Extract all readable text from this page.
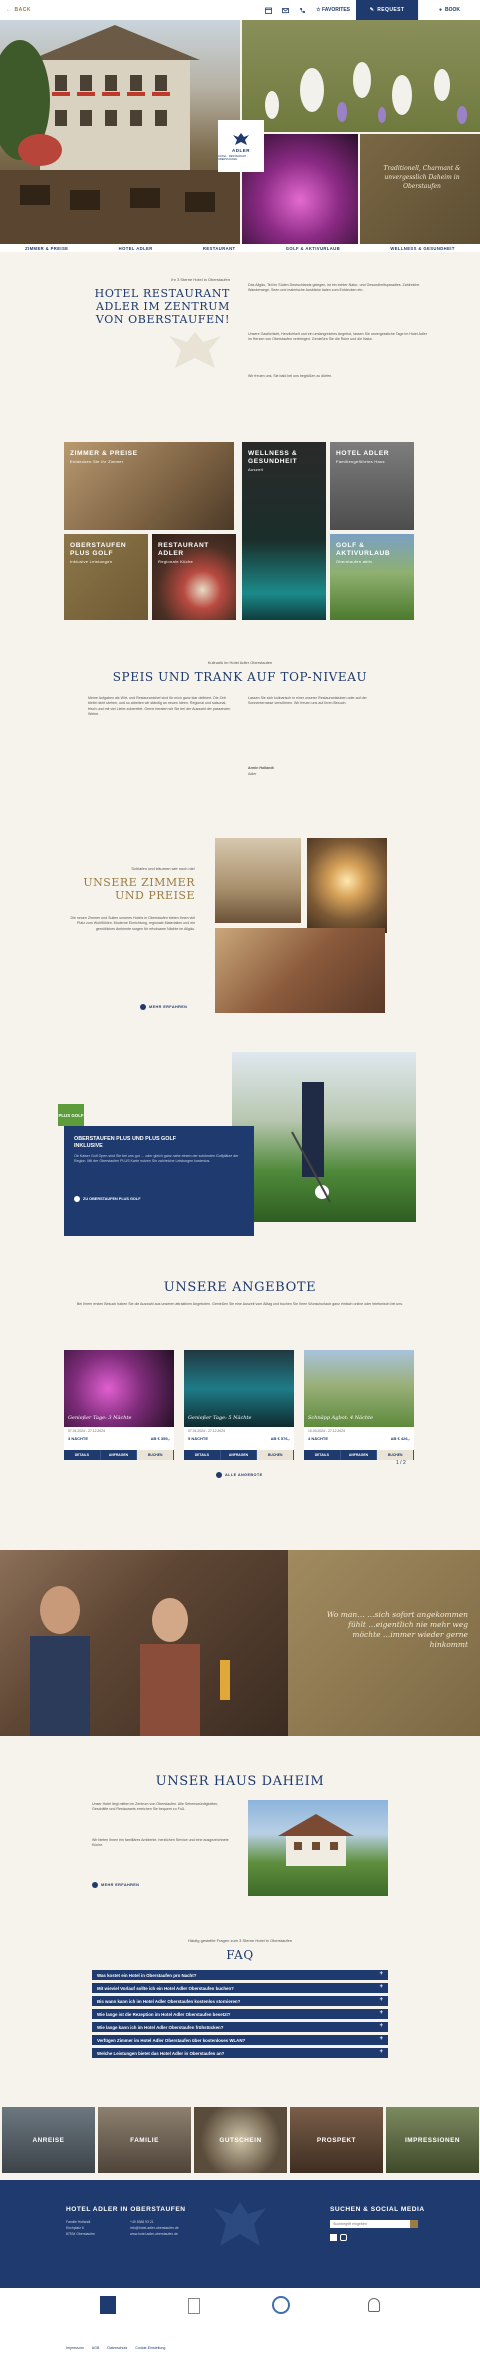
← BACK	☆ FAVORITES	✎ REQUEST	● BOOK
Traditionell, Charmant & unvergesslich Daheim in Oberstaufen
ADLER
HOTEL · RESTAURANT · OBERSTAUFEN
ZIMMER & PREISE	HOTEL ADLER	RESTAURANT	GOLF & AKTIVURLAUB	WELLNESS & GESUNDHEIT
Ihr 3 Sterne Hotel in Oberstaufen
HOTEL RESTAURANT
ADLER IM ZENTRUM
VON OBERSTAUFEN!
Das Allgäu, Teil im Süden Deutschlands gelegen, ist ein echter Natur- und Gesundheitsparadies. Zahlreiche Wanderwege, Seen und malerische Ausblicke laden zum Entdecken ein.
Unsere Gastlichkeit, Herzlichkeit und ein umfangreiches Angebot, lassen Sie unvergessliche Tage im Hotel Adler im Herzen von Oberstaufen verbringen. Genießen Sie die Ruhe und die Natur.
Wir freuen uns, Sie bald bei uns begrüßen zu dürfen.
ZIMMER & PREISE
Entdecken Sie Ihr Zimmer
WELLNESS & GESUNDHEIT
Auszeit
HOTEL ADLER
Familiengeführtes Haus
OBERSTAUFEN PLUS GOLF
Inklusive Leistungen
RESTAURANT ADLER
Regionale Küche
GOLF & AKTIVURLAUB
Oberstaufen aktiv
Kulinarik im Hotel Adler Oberstaufen
SPEIS UND TRANK AUF TOP-NIVEAU
Meine Aufgaben als Wirt- und Restaurantchef sind für mich ganz klar definiert. Die Zeit bleibt nicht stehen, und so arbeiten wir ständig an neuen Ideen. Regional und saisonal, frisch und mit viel Liebe zubereitet. Gerne beraten wir Sie bei der Auswahl der passenden Weine.
Lassen Sie sich kulinarisch in einer unserer Restaurantstuben oder auf der Sonnenterrasse verwöhnen. Wir freuen uns auf Ihren Besuch.
Armin Hollandt
Adler
Schlafen und träumen wie noch nie!
UNSERE ZIMMER
UND PREISE
Die neuen Zimmer und Suiten unseres Hotels in Oberstaufen bieten Ihnen viel Platz zum Wohlfühlen. Moderne Einrichtung, regionale Materialien und ein gemütliches Ambiente sorgen für erholsame Nächte im Allgäu.
MEHR ERFAHREN
PLUS GOLF
OBERSTAUFEN PLUS UND PLUS GOLF
INKLUSIVE
Ob Kaiser Golf Open sind Sie bei uns gut … oder gleich ganz nahe einem der schönsten Golfplätze der Region. Mit der Oberstaufen PLUS Karte nutzen Sie zahlreiche Leistungen kostenlos.
ZU OBERSTAUFEN PLUS GOLF
UNSERE ANGEBOTE
Bei Ihrem ersten Besuch haben Sie die Auswahl aus unseren attraktiven Angeboten. Genießen Sie eine Auszeit vom Alltag und buchen Sie Ihren Wunschurlaub ganz einfach online oder telefonisch bei uns.
Genießer Tage: 3 Nächte
07.01.2024 - 27.12.2024
3 NÄCHTE	AB € 359,-
DETAILS	ANFRAGEN	BUCHEN
Genießer Tage: 5 Nächte
07.01.2024 - 27.12.2024
5 NÄCHTE	AB € 576,-
DETAILS	ANFRAGEN	BUCHEN
Schnäpp Agbot: 4 Nächte
10.03.2024 - 27.12.2024
4 NÄCHTE	AB € 426,-
DETAILS	ANFRAGEN	BUCHEN
ALLE ANGEBOTE
1 / 2
Wo man… …sich sofort angekommen fühlt …eigentlich nie mehr weg möchte …immer wieder gerne hinkommt
UNSER HAUS DAHEIM
Unser Hotel liegt mitten im Zentrum von Oberstaufen. Alle Sehenswürdigkeiten, Geschäfte und Restaurants erreichen Sie bequem zu Fuß.
Wir bieten Ihnen ein familiäres Ambiente, herzlichen Service und eine ausgezeichnete Küche.
MEHR ERFAHREN
Häufig gestellte Fragen zum 3 Sterne Hotel in Oberstaufen
FAQ
Was kostet ein Hotel in Oberstaufen pro Nacht?	+
Mit wieviel Vorlauf sollte ich ein Hotel Adler Oberstaufen buchen?	+
Bis wann kann ich im Hotel Adler Oberstaufen kostenlos stornieren?	+
Wie lange ist die Rezeption im Hotel Adler Oberstaufen besetzt?	+
Wie lange kann ich im Hotel Adler Oberstaufen frühstücken?	+
Verfügen Zimmer im Hotel Adler Oberstaufen über kostenloses WLAN?	+
Welche Leistungen bietet das Hotel Adler in Oberstaufen an?	+
ANREISE	FAMILIE	GUTSCHEIN	PROSPEKT	IMPRESSIONEN
HOTEL ADLER IN OBERSTAUFEN
Familie Hollandt
Kirchplatz 6
87534 Oberstaufen
+49 8386 93 21
info@hotel-adler-oberstaufen.de
www.hotel-adler-oberstaufen.de
SUCHEN & SOCIAL MEDIA
Suchbegriff eingeben
Impressum AGB Datenschutz Cookie-Einstellung
